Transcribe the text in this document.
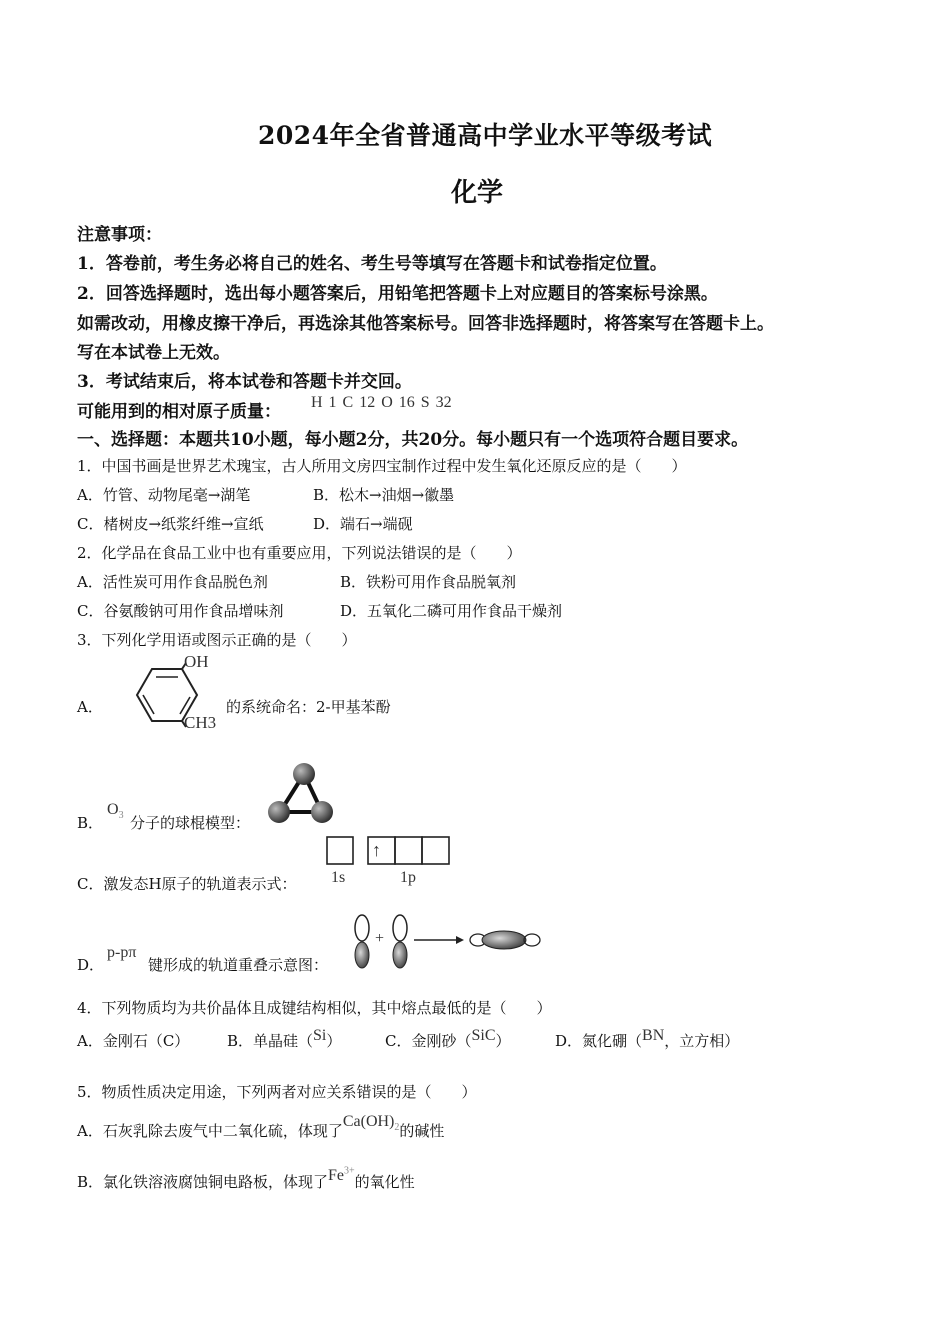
2024年全省普通高中学业水平等级考试
化学
注意事项：
1．答卷前，考生务必将自己的姓名、考生号等填写在答题卡和试卷指定位置。
2．回答选择题时，选出每小题答案后，用铅笔把答题卡上对应题目的答案标号涂黑。
如需改动，用橡皮擦干净后，再选涂其他答案标号。回答非选择题时，将答案写在答题卡上。
写在本试卷上无效。
3．考试结束后，将本试卷和答题卡并交回。
可能用到的相对原子质量： H 1 C 12 O 16 S 32
一、选择题：本题共10小题，每小题2分，共20分。每小题只有一个选项符合题目要求。
1．中国书画是世界艺术瑰宝，古人所用文房四宝制作过程中发生氧化还原反应的是（　　）
A．竹管、动物尾毫→湖笔	B．松木→油烟→徽墨
C．楮树皮→纸浆纤维→宣纸	D．端石→端砚
2．化学品在食品工业中也有重要应用，下列说法错误的是（　　）
A．活性炭可用作食品脱色剂	B．铁粉可用作食品脱氧剂
C．谷氨酸钠可用作食品增味剂	D．五氧化二磷可用作食品干燥剂
3．下列化学用语或图示正确的是（　　）
A．
OH
CH3
的系统命名：2-甲基苯酚
B．
$O_3$ 分子的球棍模型：
C．激发态H原子的轨道表示式：
↑
1s	1p
D．
p-pπ
键形成的轨道重叠示意图：
+
4．下列物质均为共价晶体且成键结构相似，其中熔点最低的是（　　）
A．金刚石（C）	B．单晶硅（Si）	C．金刚砂（SiC）	D．氮化硼（BN，立方相）
5．物质性质决定用途，下列两者对应关系错误的是（　　）
A．石灰乳除去废气中二氧化硫，体现了$Ca(OH)_2$的碱性
B．氯化铁溶液腐蚀铜电路板，体现了$Fe^{3+}$的氧化性
